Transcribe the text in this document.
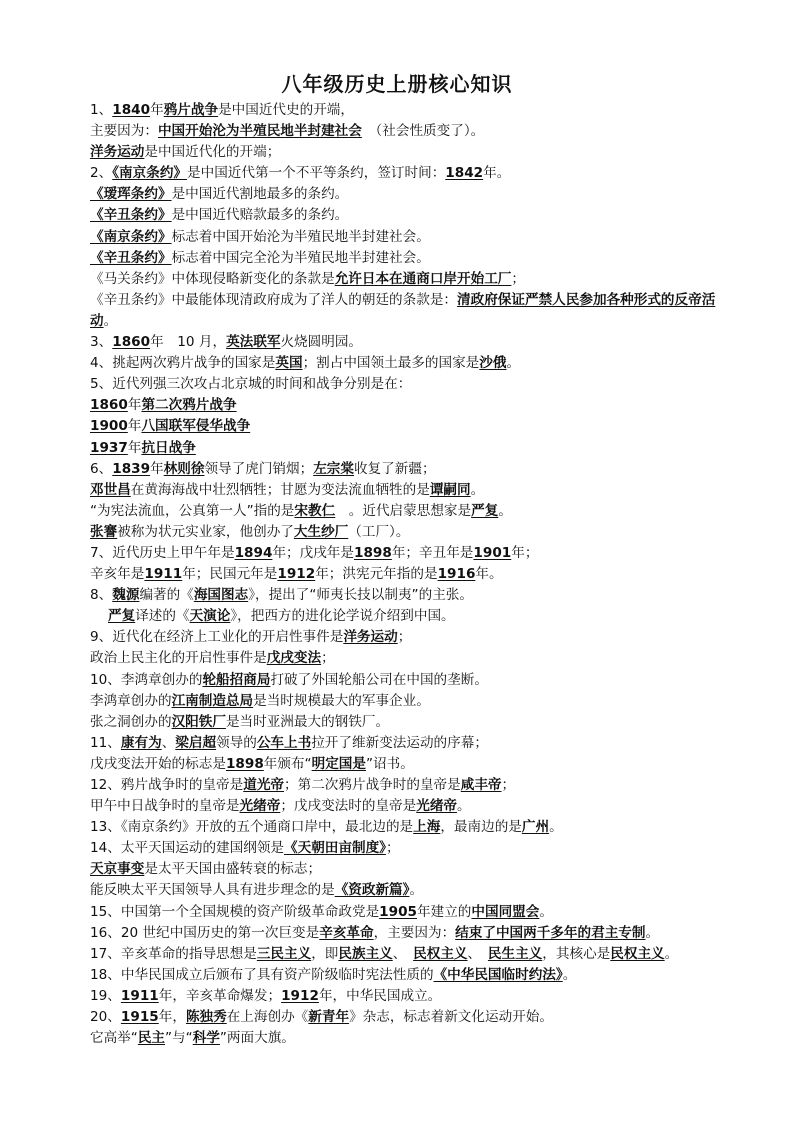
八年级历史上册核心知识
1、1840年鸦片战争是中国近代史的开端，
主要因为：中国开始沦为半殖民地半封建社会　（社会性质变了）。
洋务运动是中国近代化的开端；
2、《南京条约》是中国近代第一个不平等条约，签订时间：1842年。
《瑷珲条约》是中国近代割地最多的条约。
《辛丑条约》是中国近代赔款最多的条约。
《南京条约》标志着中国开始沦为半殖民地半封建社会。
《辛丑条约》标志着中国完全沦为半殖民地半封建社会。
《马关条约》中体现侵略新变化的条款是允许日本在通商口岸开始工厂；
《辛丑条约》中最能体现清政府成为了洋人的朝廷的条款是：清政府保证严禁人民参加各种形式的反帝活动。
3、1860年　10 月，英法联军火烧圆明园。
4、挑起两次鸦片战争的国家是英国；割占中国领土最多的国家是沙俄。
5、近代列强三次攻占北京城的时间和战争分别是在：
1860年第二次鸦片战争
1900年八国联军侵华战争
1937年抗日战争
6、1839年林则徐领导了虎门销烟；左宗棠收复了新疆；
邓世昌在黄海海战中壮烈牺牲；甘愿为变法流血牺牲的是谭嗣同。
“为宪法流血，公真第一人”指的是宋教仁　。近代启蒙思想家是严复。
张謇被称为状元实业家，他创办了大生纱厂（工厂）。
7、近代历史上甲午年是1894年；戊戌年是1898年；辛丑年是1901年；
辛亥年是1911年；民国元年是1912年；洪宪元年指的是1916年。
8、魏源编著的《海国图志》，提出了“师夷长技以制夷”的主张。
严复译述的《天演论》，把西方的进化论学说介绍到中国。
9、近代化在经济上工业化的开启性事件是洋务运动；
政治上民主化的开启性事件是戊戌变法；
10、李鸿章创办的轮船招商局打破了外国轮船公司在中国的垄断。
李鸿章创办的江南制造总局是当时规模最大的军事企业。
张之洞创办的汉阳铁厂是当时亚洲最大的钢铁厂。
11、康有为、梁启超领导的公车上书拉开了维新变法运动的序幕；
戊戌变法开始的标志是1898年颁布“明定国是”诏书。
12、鸦片战争时的皇帝是道光帝；第二次鸦片战争时的皇帝是咸丰帝；
甲午中日战争时的皇帝是光绪帝；戊戌变法时的皇帝是光绪帝。
13、《南京条约》开放的五个通商口岸中，最北边的是上海，最南边的是广州。
14、太平天国运动的建国纲领是《天朝田亩制度》；
天京事变是太平天国由盛转衰的标志；
能反映太平天国领导人具有进步理念的是《资政新篇》。
15、中国第一个全国规模的资产阶级革命政党是1905年建立的中国同盟会。
16、20 世纪中国历史的第一次巨变是辛亥革命，主要因为：结束了中国两千多年的君主专制。
17、辛亥革命的指导思想是三民主义，即民族主义、　民权主义、　民生主义，其核心是民权主义。
18、中华民国成立后颁布了具有资产阶级临时宪法性质的《中华民国临时约法》。
19、1911年，辛亥革命爆发；1912年，中华民国成立。
20、1915年，陈独秀在上海创办《新青年》杂志，标志着新文化运动开始。
它高举“民主”与“科学”两面大旗。
